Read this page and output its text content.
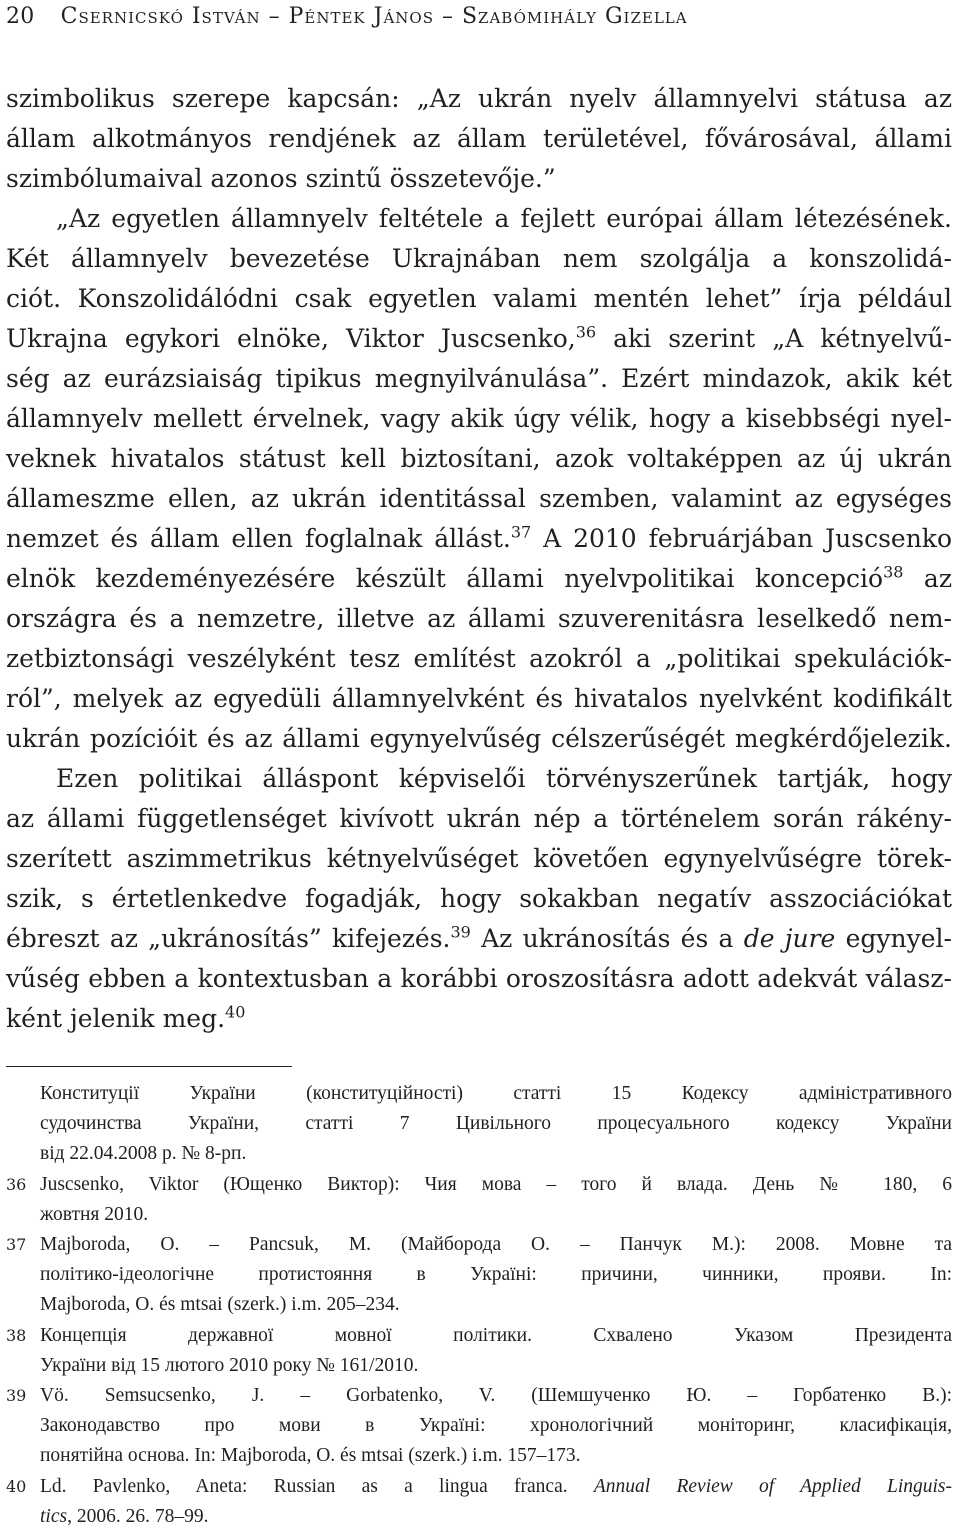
20 Csernicskó István – Péntek János – Szabómihály Gizella
szimbolikus szerepe kapcsán: „Az ukrán nyelv államnyelvi státusa az
állam alkotmányos rendjének az állam területével, fővárosával, állami
szimbólumaival azonos szintű összetevője.”
„Az egyetlen államnyelv feltétele a fejlett európai állam létezésének.
Két államnyelv bevezetése Ukrajnában nem szolgálja a konszolidá-
ciót. Konszolidálódni csak egyetlen valami mentén lehet” írja például
Ukrajna egykori elnöke, Viktor Juscsenko,$^{36}$ aki szerint „A kétnyelvű-
ség az eurázsiaiság tipikus megnyilvánulása”. Ezért mindazok, akik két
államnyelv mellett érvelnek, vagy akik úgy vélik, hogy a kisebbségi nyel-
veknek hivatalos státust kell biztosítani, azok voltaképpen az új ukrán
állameszme ellen, az ukrán identitással szemben, valamint az egységes
nemzet és állam ellen foglalnak állást.$^{37}$ A 2010 februárjában Juscsenko
elnök kezdeményezésére készült állami nyelvpolitikai koncepció$^{38}$ az
országra és a nemzetre, illetve az állami szuverenitásra leselkedő nem-
zetbiztonsági veszélyként tesz említést azokról a „politikai spekulációk-
ról”, melyek az egyedüli államnyelvként és hivatalos nyelvként kodifikált
ukrán pozícióit és az állami egynyelvűség célszerűségét megkérdőjelezik.
Ezen politikai álláspont képviselői törvényszerűnek tartják, hogy
az állami függetlenséget kivívott ukrán nép a történelem során rákény-
szerített aszimmetrikus kétnyelvűséget követően egynyelvűségre törek-
szik, s értetlenkedve fogadják, hogy sokakban negatív asszociációkat
ébreszt az „ukránosítás” kifejezés.$^{39}$ Az ukránosítás és a de jure egynyel-
vűség ebben a kontextusban a korábbi oroszosításra adott adekvát válasz-
ként jelenik meg.$^{40}$
Конституції України (конституційності) статті 15 Кодексу адміністративного
судочинства України, статті 7 Цивільного процесуального кодексу України
від 22.04.2008 р. № 8-рп.
36 Juscsenko, Viktor (Ющенко Виктор): Чия мова – того й влада. День № 180, 6
жовтня 2010.
37 Majboroda, O. – Pancsuk, M. (Майборода О. – Панчук М.): 2008. Мовне та
політико-ідеологічне протистояння в Україні: причини, чинники, прояви. In:
Majboroda, O. és mtsai (szerk.) i.m. 205–234.
38 Концепція державної мовної політики. Схвалено Указом Президента
України від 15 лютого 2010 року № 161/2010.
39 Vö. Semsucsenko, J. – Gorbatenko, V. (Шемшученко Ю. – Горбатенко В.):
Законодавство про мови в Україні: хронологічний моніторинг, класифікація,
понятійна основа. In: Majboroda, O. és mtsai (szerk.) i.m. 157–173.
40 Ld. Pavlenko, Aneta: Russian as a lingua franca. Annual Review of Applied Linguis-
tics, 2006. 26. 78–99.
